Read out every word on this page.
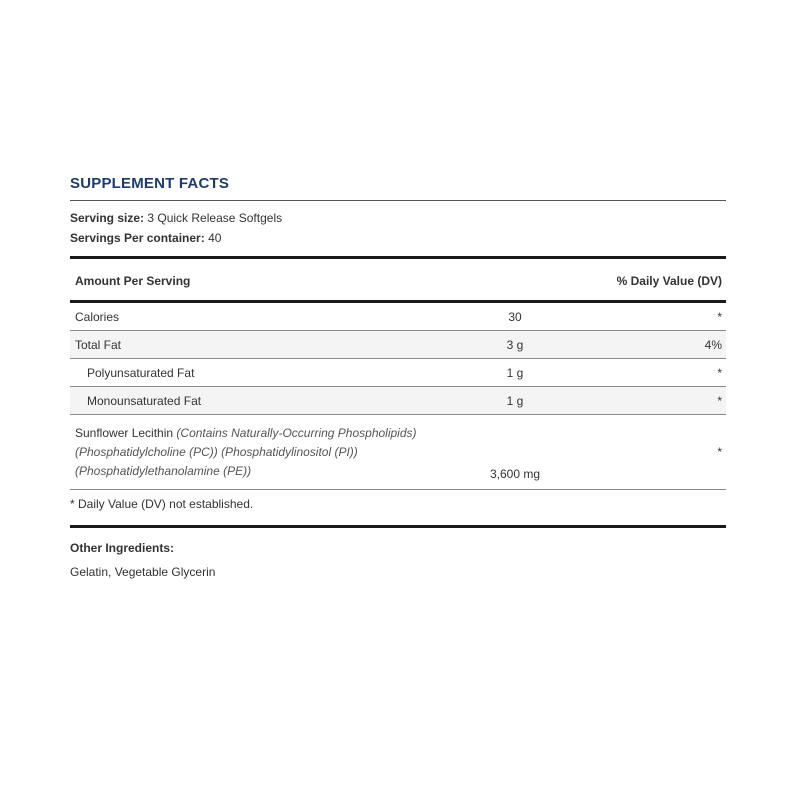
SUPPLEMENT FACTS
Serving size: 3 Quick Release Softgels
Servings Per container: 40
Amount Per Serving		% Daily Value (DV)
Calories	30	*
Total Fat	3 g	4%
Polyunsaturated Fat	1 g	*
Monounsaturated Fat	1 g	*

Sunflower Lecithin (Contains Naturally-Occurring Phospholipids)
(Phosphatidylcholine (PC)) (Phosphatidylinositol (PI))
(Phosphatidylethanolamine (PE))	3,600 mg	*
* Daily Value (DV) not established.
Other Ingredients:
Gelatin, Vegetable Glycerin
